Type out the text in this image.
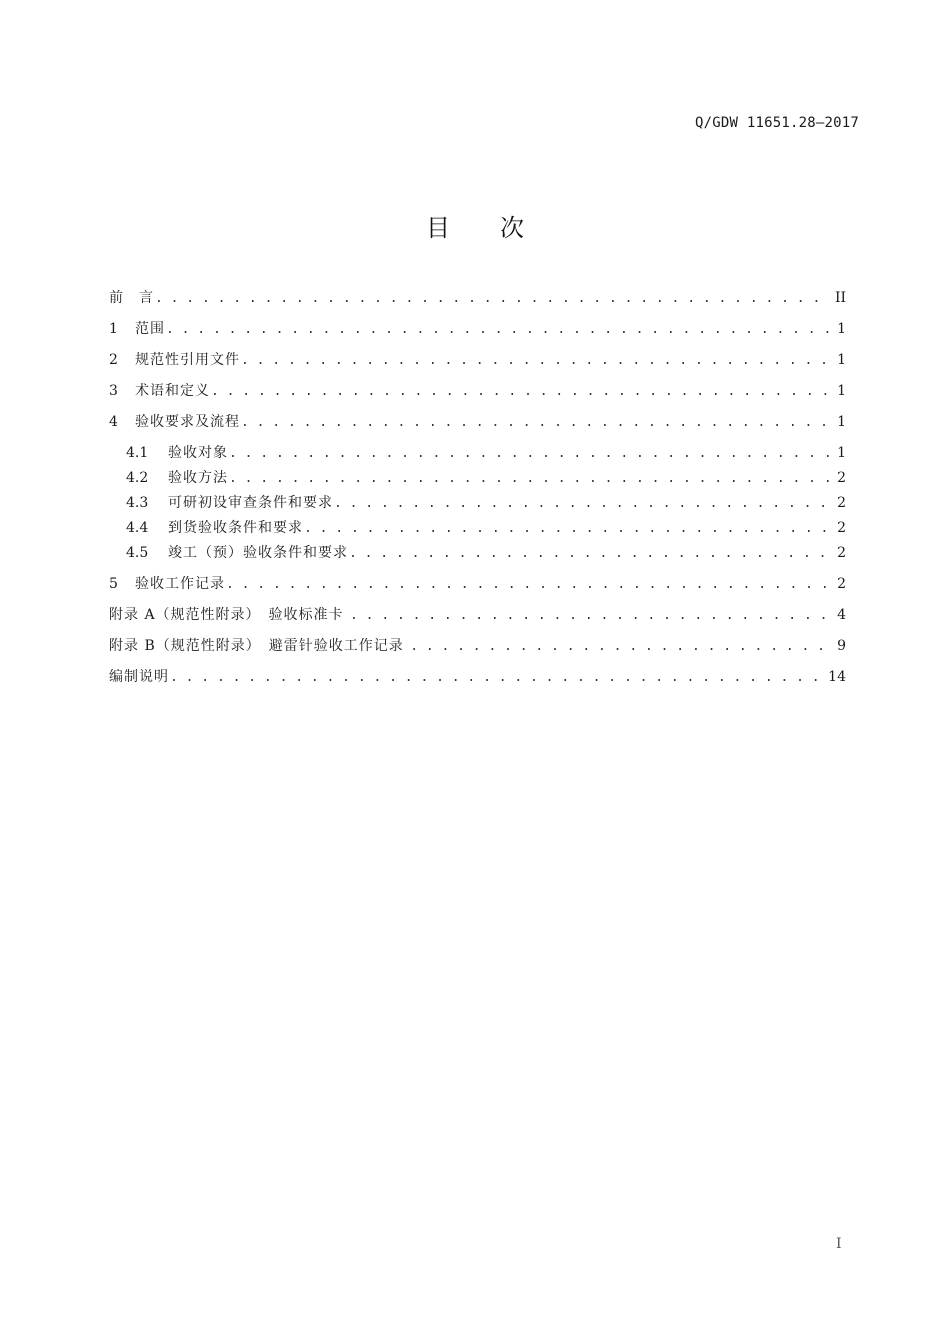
Q/GDW 11651.28—2017
目 次
前　言 . . .	II
1	范围 . . .	1
2	规范性引用文件 . . .	1
3	术语和定义 . . .	1
4	验收要求及流程 . . .	1
4.1	验收对象 . . .	1
4.2	验收方法 . . .	2
4.3	可研初设审查条件和要求 . . .	2
4.4	到货验收条件和要求 . . .	2
4.5	竣工（预）验收条件和要求 . . .	2
5	验收工作记录 . . .	2
附录 A（规范性附录）　验收标准卡 . . .	4
附录 B（规范性附录）　避雷针验收工作记录 . . .	9
编制说明 . . .	14
I
